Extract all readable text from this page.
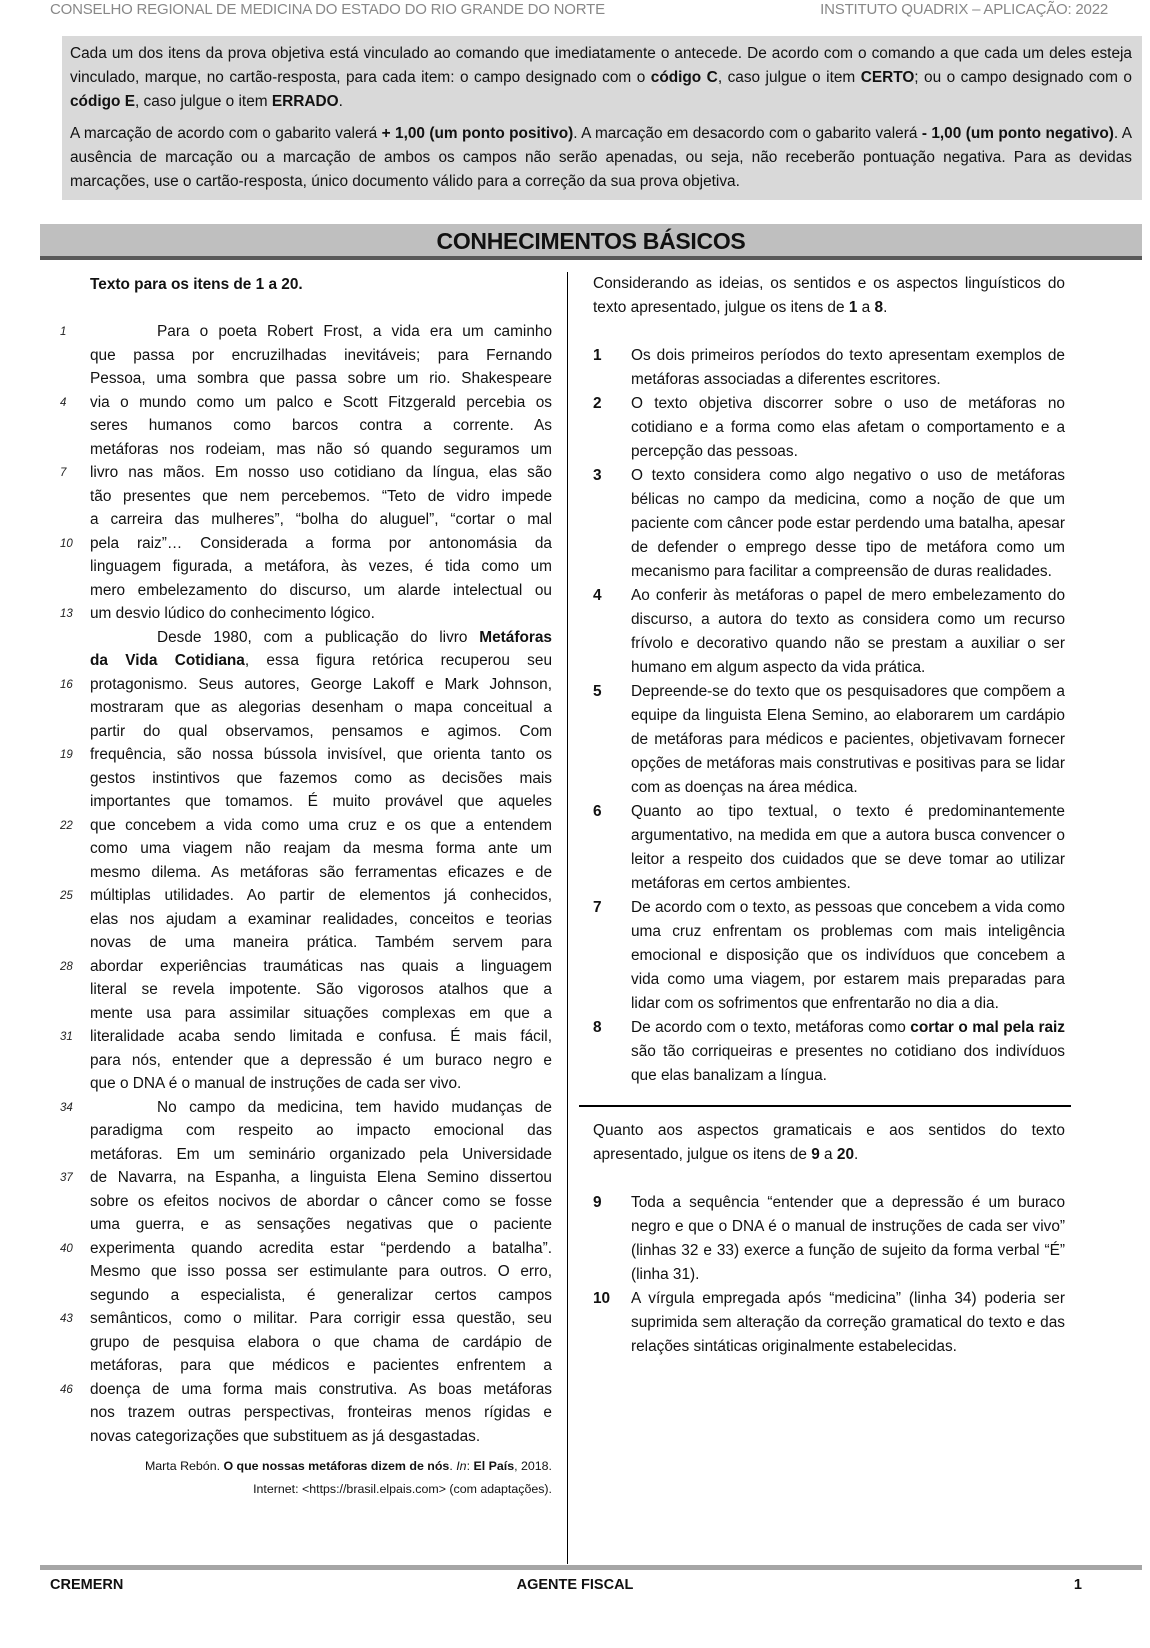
CONSELHO REGIONAL DE MEDICINA DO ESTADO DO RIO GRANDE DO NORTE	INSTITUTO QUADRIX – APLICAÇÃO: 2022

Cada um dos itens da prova objetiva está vinculado ao comando que imediatamente o antecede. De acordo com o comando a que cada um deles esteja vinculado, marque, no cartão-resposta, para cada item: o campo designado com o código C, caso julgue o item CERTO; ou o campo designado com o código E, caso julgue o item ERRADO.

A marcação de acordo com o gabarito valerá + 1,00 (um ponto positivo). A marcação em desacordo com o gabarito valerá - 1,00 (um ponto negativo). A ausência de marcação ou a marcação de ambos os campos não serão apenadas, ou seja, não receberão pontuação negativa. Para as devidas marcações, use o cartão-resposta, único documento válido para a correção da sua prova objetiva.

CONHECIMENTOS BÁSICOS
Texto para os itens de 1 a 20.
1	Para o poeta Robert Frost, a vida era um caminho
que passa por encruzilhadas inevitáveis; para Fernando
Pessoa, uma sombra que passa sobre um rio. Shakespeare
4	via o mundo como um palco e Scott Fitzgerald percebia os
seres humanos como barcos contra a corrente. As
metáforas nos rodeiam, mas não só quando seguramos um
7	livro nas mãos. Em nosso uso cotidiano da língua, elas são
tão presentes que nem percebemos. “Teto de vidro impede
a carreira das mulheres”, “bolha do aluguel”, “cortar o mal
10	pela raiz”… Considerada a forma por antonomásia da
linguagem figurada, a metáfora, às vezes, é tida como um
mero embelezamento do discurso, um alarde intelectual ou
13	um desvio lúdico do conhecimento lógico.
Desde 1980, com a publicação do livro Metáforas
da Vida Cotidiana, essa figura retórica recuperou seu
16	protagonismo. Seus autores, George Lakoff e Mark Johnson,
mostraram que as alegorias desenham o mapa conceitual a
partir do qual observamos, pensamos e agimos. Com
19	frequência, são nossa bússola invisível, que orienta tanto os
gestos instintivos que fazemos como as decisões mais
importantes que tomamos. É muito provável que aqueles
22	que concebem a vida como uma cruz e os que a entendem
como uma viagem não reajam da mesma forma ante um
mesmo dilema. As metáforas são ferramentas eficazes e de
25	múltiplas utilidades. Ao partir de elementos já conhecidos,
elas nos ajudam a examinar realidades, conceitos e teorias
novas de uma maneira prática. Também servem para
28	abordar experiências traumáticas nas quais a linguagem
literal se revela impotente. São vigorosos atalhos que a
mente usa para assimilar situações complexas em que a
31	literalidade acaba sendo limitada e confusa. É mais fácil,
para nós, entender que a depressão é um buraco negro e
que o DNA é o manual de instruções de cada ser vivo.
34	No campo da medicina, tem havido mudanças de
paradigma com respeito ao impacto emocional das
metáforas. Em um seminário organizado pela Universidade
37	de Navarra, na Espanha, a linguista Elena Semino dissertou
sobre os efeitos nocivos de abordar o câncer como se fosse
uma guerra, e as sensações negativas que o paciente
40	experimenta quando acredita estar “perdendo a batalha”.
Mesmo que isso possa ser estimulante para outros. O erro,
segundo a especialista, é generalizar certos campos
43	semânticos, como o militar. Para corrigir essa questão, seu
grupo de pesquisa elabora o que chama de cardápio de
metáforas, para que médicos e pacientes enfrentem a
46	doença de uma forma mais construtiva. As boas metáforas
nos trazem outras perspectivas, fronteiras menos rígidas e
novas categorizações que substituem as já desgastadas.
Marta Rebón. O que nossas metáforas dizem de nós. In: El País, 2018.
Internet: <https://brasil.elpais.com> (com adaptações).

Considerando as ideias, os sentidos e os aspectos linguísticos do texto apresentado, julgue os itens de 1 a 8.

1 Os dois primeiros períodos do texto apresentam exemplos de metáforas associadas a diferentes escritores.
2 O texto objetiva discorrer sobre o uso de metáforas no cotidiano e a forma como elas afetam o comportamento e a percepção das pessoas.
3 O texto considera como algo negativo o uso de metáforas bélicas no campo da medicina, como a noção de que um paciente com câncer pode estar perdendo uma batalha, apesar de defender o emprego desse tipo de metáfora como um mecanismo para facilitar a compreensão de duras realidades.
4 Ao conferir às metáforas o papel de mero embelezamento do discurso, a autora do texto as considera como um recurso frívolo e decorativo quando não se prestam a auxiliar o ser humano em algum aspecto da vida prática.
5 Depreende-se do texto que os pesquisadores que compõem a equipe da linguista Elena Semino, ao elaborarem um cardápio de metáforas para médicos e pacientes, objetivavam fornecer opções de metáforas mais construtivas e positivas para se lidar com as doenças na área médica.
6 Quanto ao tipo textual, o texto é predominantemente argumentativo, na medida em que a autora busca convencer o leitor a respeito dos cuidados que se deve tomar ao utilizar metáforas em certos ambientes.
7 De acordo com o texto, as pessoas que concebem a vida como uma cruz enfrentam os problemas com mais inteligência emocional e disposição que os indivíduos que concebem a vida como uma viagem, por estarem mais preparadas para lidar com os sofrimentos que enfrentarão no dia a dia.
8 De acordo com o texto, metáforas como cortar o mal pela raiz são tão corriqueiras e presentes no cotidiano dos indivíduos que elas banalizam a língua.

Quanto aos aspectos gramaticais e aos sentidos do texto apresentado, julgue os itens de 9 a 20.

9 Toda a sequência “entender que a depressão é um buraco negro e que o DNA é o manual de instruções de cada ser vivo” (linhas 32 e 33) exerce a função de sujeito da forma verbal “É” (linha 31).
10 A vírgula empregada após “medicina” (linha 34) poderia ser suprimida sem alteração da correção gramatical do texto e das relações sintáticas originalmente estabelecidas.
CREMERN	AGENTE FISCAL	1
